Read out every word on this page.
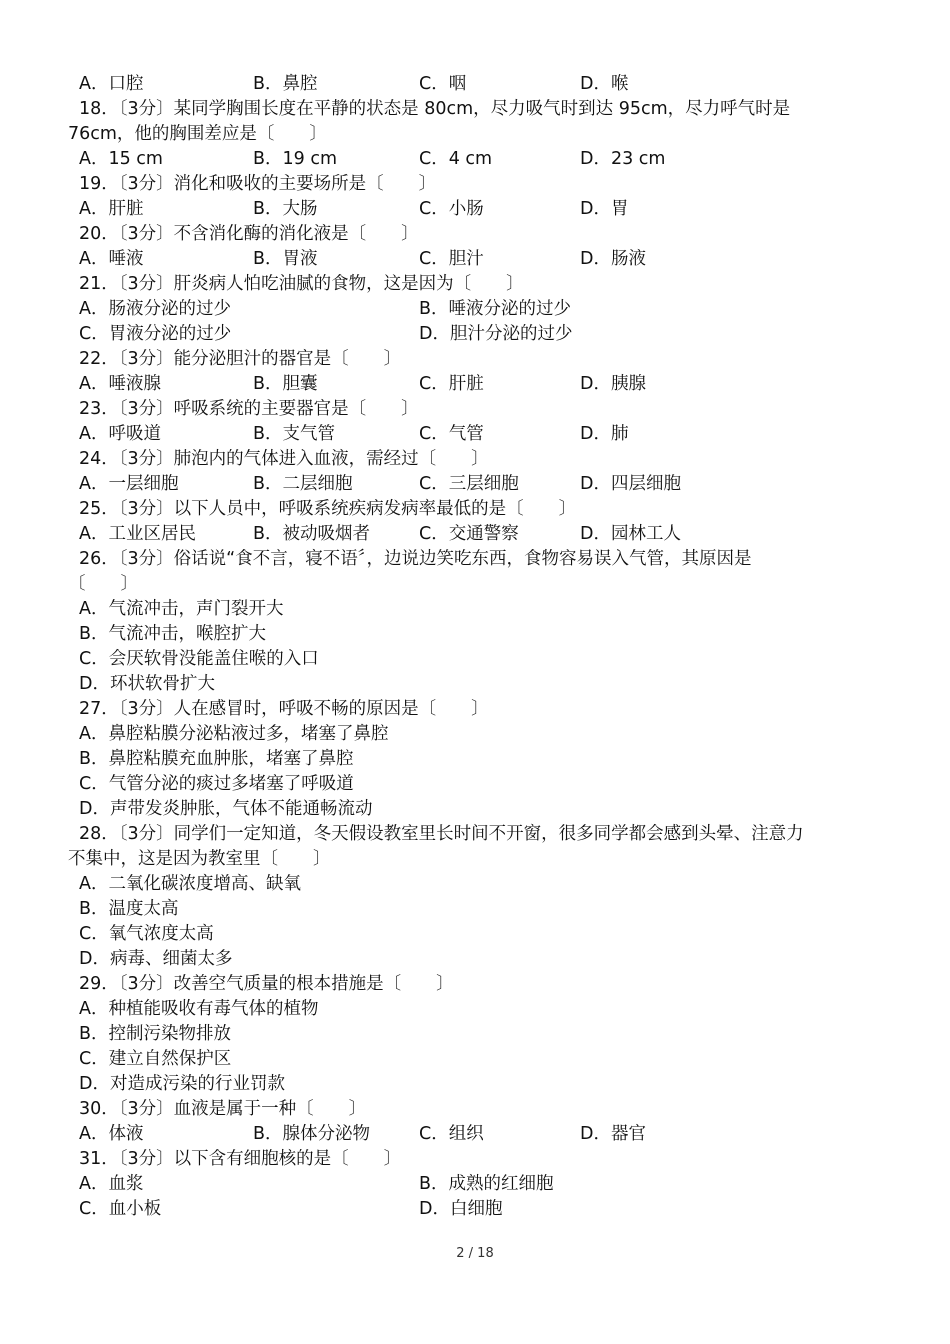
A．口腔	B．鼻腔	C．咽	D．喉
18．〔3分〕某同学胸围长度在平静的状态是 80cm，尽力吸气时到达 95cm，尽力呼气时是
76cm，他的胸围差应是〔　　〕
A．15 cm	B．19 cm	C．4 cm	D．23 cm
19．〔3分〕消化和吸收的主要场所是〔　　〕
A．肝脏	B．大肠	C．小肠	D．胃
20．〔3分〕不含消化酶的消化液是〔　　〕
A．唾液	B．胃液	C．胆汁	D．肠液
21．〔3分〕肝炎病人怕吃油腻的食物，这是因为〔　　〕
A．肠液分泌的过少	B．唾液分泌的过少
C．胃液分泌的过少	D．胆汁分泌的过少
22．〔3分〕能分泌胆汁的器官是〔　　〕
A．唾液腺	B．胆囊	C．肝脏	D．胰腺
23．〔3分〕呼吸系统的主要器官是〔　　〕
A．呼吸道	B．支气管	C．气管	D．肺
24．〔3分〕肺泡内的气体进入血液，需经过〔　　〕
A．一层细胞	B．二层细胞	C．三层细胞	D．四层细胞
25．〔3分〕以下人员中，呼吸系统疾病发病率最低的是〔　　〕
A．工业区居民	B．被动吸烟者	C．交通警察	D．园林工人
26．〔3分〕俗话说“食不言，寝不语〞，边说边笑吃东西，食物容易误入气管，其原因是
〔　　〕
A．气流冲击，声门裂开大
B．气流冲击，喉腔扩大
C．会厌软骨没能盖住喉的入口
D．环状软骨扩大
27．〔3分〕人在感冒时，呼吸不畅的原因是〔　　〕
A．鼻腔粘膜分泌粘液过多，堵塞了鼻腔
B．鼻腔粘膜充血肿胀，堵塞了鼻腔
C．气管分泌的痰过多堵塞了呼吸道
D．声带发炎肿胀，气体不能通畅流动
28．〔3分〕同学们一定知道，冬天假设教室里长时间不开窗，很多同学都会感到头晕、注意力
不集中，这是因为教室里〔　　〕
A．二氧化碳浓度增高、缺氧
B．温度太高
C．氧气浓度太高
D．病毒、细菌太多
29．〔3分〕改善空气质量的根本措施是〔　　〕
A．种植能吸收有毒气体的植物
B．控制污染物排放
C．建立自然保护区
D．对造成污染的行业罚款
30．〔3分〕血液是属于一种〔　　〕
A．体液	B．腺体分泌物	C．组织	D．器官
31．〔3分〕以下含有细胞核的是〔　　〕
A．血浆	B．成熟的红细胞
C．血小板	D．白细胞
2 / 18
